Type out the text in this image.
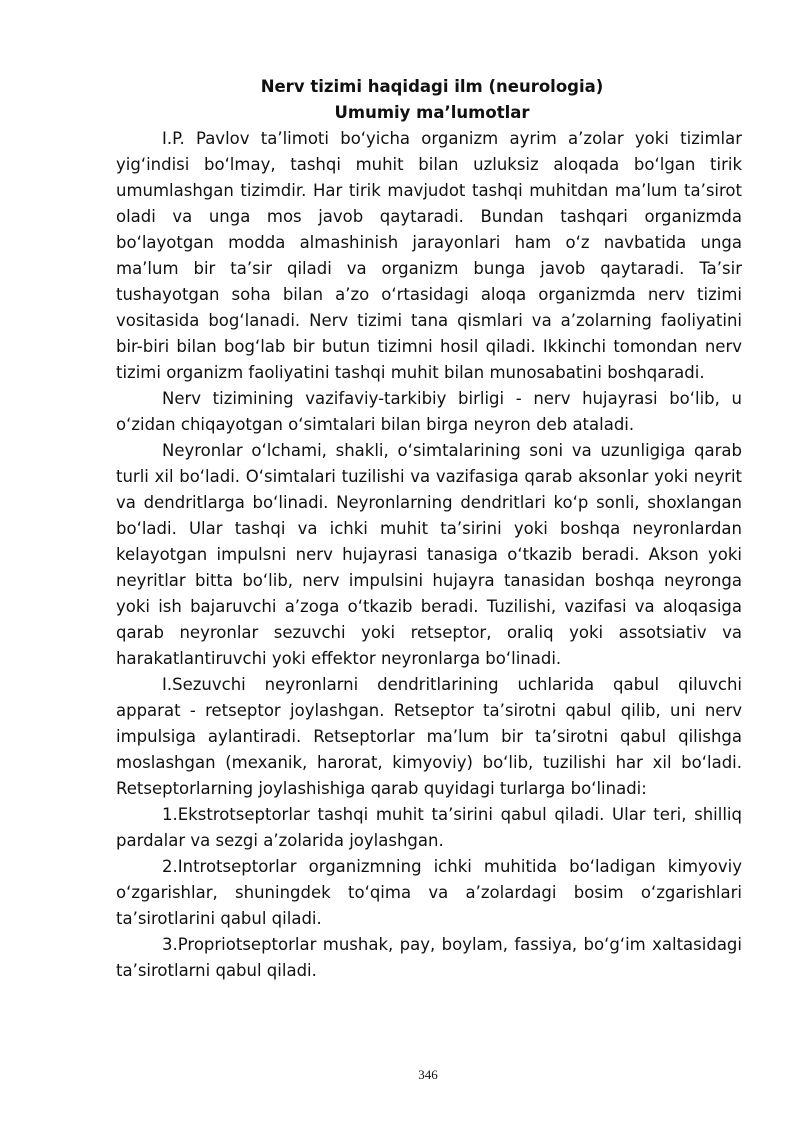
Nerv tizimi haqidagi ilm (neurologia)
Umumiy ma’lumotlar

I.P. Pavlov ta’limoti bo‘yicha organizm ayrim a’zolar yoki tizimlar yig‘indisi bo‘lmay, tashqi muhit bilan uzluksiz aloqada bo‘lgan tirik umumlashgan tizimdir. Har tirik mavjudot tashqi muhitdan ma’lum ta’sirot oladi va unga mos javob qaytaradi. Bundan tashqari organizmda bo‘layotgan modda almashinish jarayonlari ham o‘z navbatida unga ma’lum bir ta’sir qiladi va organizm bunga javob qaytaradi. Ta’sir tushayotgan soha bilan a’zo o‘rtasidagi aloqa organizmda nerv tizimi vositasida bog‘lanadi. Nerv tizimi tana qismlari va a’zolarning faoliyatini bir-biri bilan bog‘lab bir butun tizimni hosil qiladi. Ikkinchi tomondan nerv tizimi organizm faoliyatini tashqi muhit bilan munosabatini boshqaradi.

Nerv tizimining vazifaviy-tarkibiy birligi - nerv hujayrasi bo‘lib, u o‘zidan chiqayotgan o‘simtalari bilan birga neyron deb ataladi.

Neyronlar o‘lchami, shakli, o‘simtalarining soni va uzunligiga qarab turli xil bo‘ladi. O‘simtalari tuzilishi va vazifasiga qarab aksonlar yoki neyrit va dendritlarga bo‘linadi. Neyronlarning dendritlari ko‘p sonli, shoxlangan bo‘ladi. Ular tashqi va ichki muhit ta’sirini yoki boshqa neyronlardan kelayotgan impulsni nerv hujayrasi tanasiga o‘tkazib beradi. Akson yoki neyritlar bitta bo‘lib, nerv impulsini hujayra tanasidan boshqa neyronga yoki ish bajaruvchi a’zoga o‘tkazib beradi. Tuzilishi, vazifasi va aloqasiga qarab neyronlar sezuvchi yoki retseptor, oraliq yoki assotsiativ va harakatlantiruvchi yoki effektor neyronlarga bo‘linadi.

I.Sezuvchi neyronlarni dendritlarining uchlarida qabul qiluvchi apparat - retseptor joylashgan. Retseptor ta’sirotni qabul qilib, uni nerv impulsiga aylantiradi. Retseptorlar ma’lum bir ta’sirotni qabul qilishga moslashgan (mexanik, harorat, kimyoviy) bo‘lib, tuzilishi har xil bo‘ladi. Retseptorlarning joylashishiga qarab quyidagi turlarga bo‘linadi:

1.Ekstrotseptorlar tashqi muhit ta’sirini qabul qiladi. Ular teri, shilliq pardalar va sezgi a’zolarida joylashgan.

2.Introtseptorlar organizmning ichki muhitida bo‘ladigan kimyoviy o‘zgarishlar, shuningdek to‘qima va a’zolardagi bosim o‘zgarishlari ta’sirotlarini qabul qiladi.

3.Propriotseptorlar mushak, pay, boylam, fassiya, bo‘g‘im xaltasidagi ta’sirotlarni qabul qiladi.

346
